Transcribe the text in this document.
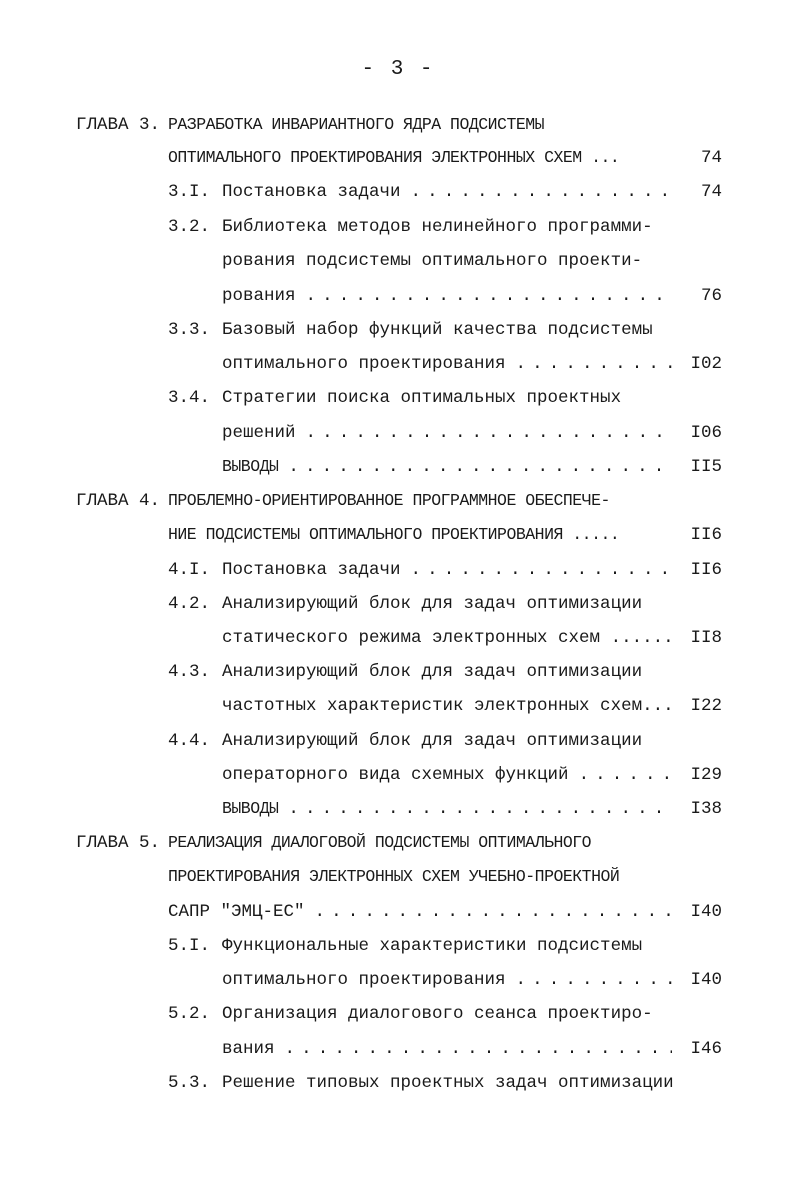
- 3 -
ГЛАВА 3. РАЗРАБОТКА ИНВАРИАНТНОГО ЯДРА ПОДСИСТЕМЫ
ОПТИМАЛЬНОГО ПРОЕКТИРОВАНИЯ ЭЛЕКТРОННЫХ СХЕМ ...	74
3.I. Постановка задачи	74
. . .
3.2. Библиотека методов нелинейного программи-
рования подсистемы оптимального проекти-
рования	76
. . .
3.3. Базовый набор функций качества подсистемы
оптимального проектирования	I02
. . .
3.4. Стратегии поиска оптимальных проектных
решений	I06
. . .
ВЫВОДЫ	II5
. . .
ГЛАВА 4. ПРОБЛЕМНО-ОРИЕНТИРОВАННОЕ ПРОГРАММНОЕ ОБЕСПЕЧЕ-
НИЕ ПОДСИСТЕМЫ ОПТИМАЛЬНОГО ПРОЕКТИРОВАНИЯ .....	II6
4.I. Постановка задачи	II6
. . .
4.2. Анализирующий блок для задач оптимизации
статического режима электронных схем ...... II8
4.3. Анализирующий блок для задач оптимизации
частотных характеристик электронных схем... I22
4.4. Анализирующий блок для задач оптимизации
операторного вида схемных функций	I29
. . .
ВЫВОДЫ	I38
. . .
ГЛАВА 5. РЕАЛИЗАЦИЯ ДИАЛОГОВОЙ ПОДСИСТЕМЫ ОПТИМАЛЬНОГО
ПРОЕКТИРОВАНИЯ ЭЛЕКТРОННЫХ СХЕМ УЧЕБНО-ПРОЕКТНОЙ
САПР "ЭМЦ-ЕС"	I40
. . .
5.I. Функциональные характеристики подсистемы
оптимального проектирования	I40
. . .
5.2. Организация диалогового сеанса проектиро-
вания	I46
. . .
5.3. Решение типовых проектных задач оптимизации
